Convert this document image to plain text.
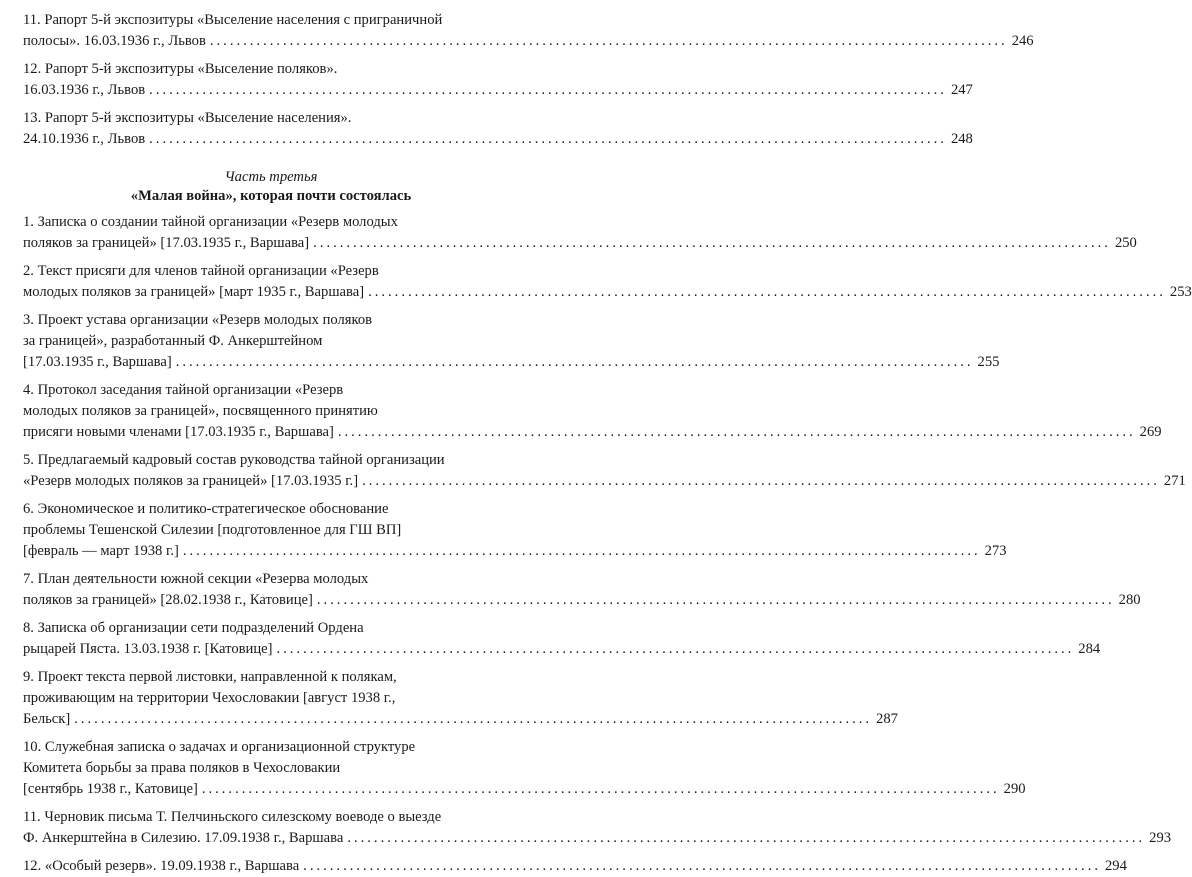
11. Рапорт 5-й экспозитуры «Выселение населения с приграничной
полосы». 16.03.1936 г., Львов ........................................................................................................................ 246
12. Рапорт 5-й экспозитуры «Выселение поляков».
16.03.1936 г., Львов ........................................................................................................................ 247
13. Рапорт 5-й экспозитуры «Выселение населения».
24.10.1936 г., Львов ........................................................................................................................ 248
Часть третья
«Малая война», которая почти состоялась
1. Записка о создании тайной организации «Резерв молодых
поляков за границей» [17.03.1935 г., Варшава] ........................................................................................................................ 250
2. Текст присяги для членов тайной организации «Резерв
молодых поляков за границей» [март 1935 г., Варшава] ........................................................................................................................ 253
3. Проект устава организации «Резерв молодых поляков
за границей», разработанный Ф. Анкерштейном
[17.03.1935 г., Варшава] ........................................................................................................................ 255
4. Протокол заседания тайной организации «Резерв
молодых поляков за границей», посвященного принятию
присяги новыми членами [17.03.1935 г., Варшава] ........................................................................................................................ 269
5. Предлагаемый кадровый состав руководства тайной организации
«Резерв молодых поляков за границей» [17.03.1935 г.] ........................................................................................................................ 271
6. Экономическое и политико-стратегическое обоснование
проблемы Тешенской Силезии [подготовленное для ГШ ВП]
[февраль — март 1938 г.] ........................................................................................................................ 273
7. План деятельности южной секции «Резерва молодых
поляков за границей» [28.02.1938 г., Катовице] ........................................................................................................................ 280
8. Записка об организации сети подразделений Ордена
рыцарей Пяста. 13.03.1938 г. [Катовице] ........................................................................................................................ 284
9. Проект текста первой листовки, направленной к полякам,
проживающим на территории Чехословакии [август 1938 г.,
Бельск] ........................................................................................................................ 287
10. Служебная записка о задачах и организационной структуре
Комитета борьбы за права поляков в Чехословакии
[сентябрь 1938 г., Катовице] ........................................................................................................................ 290
11. Черновик письма Т. Пелчиньского силезскому воеводе о выезде
Ф. Анкерштейна в Силезию. 17.09.1938 г., Варшава ........................................................................................................................ 293
12. «Особый резерв». 19.09.1938 г., Варшава ........................................................................................................................ 294
